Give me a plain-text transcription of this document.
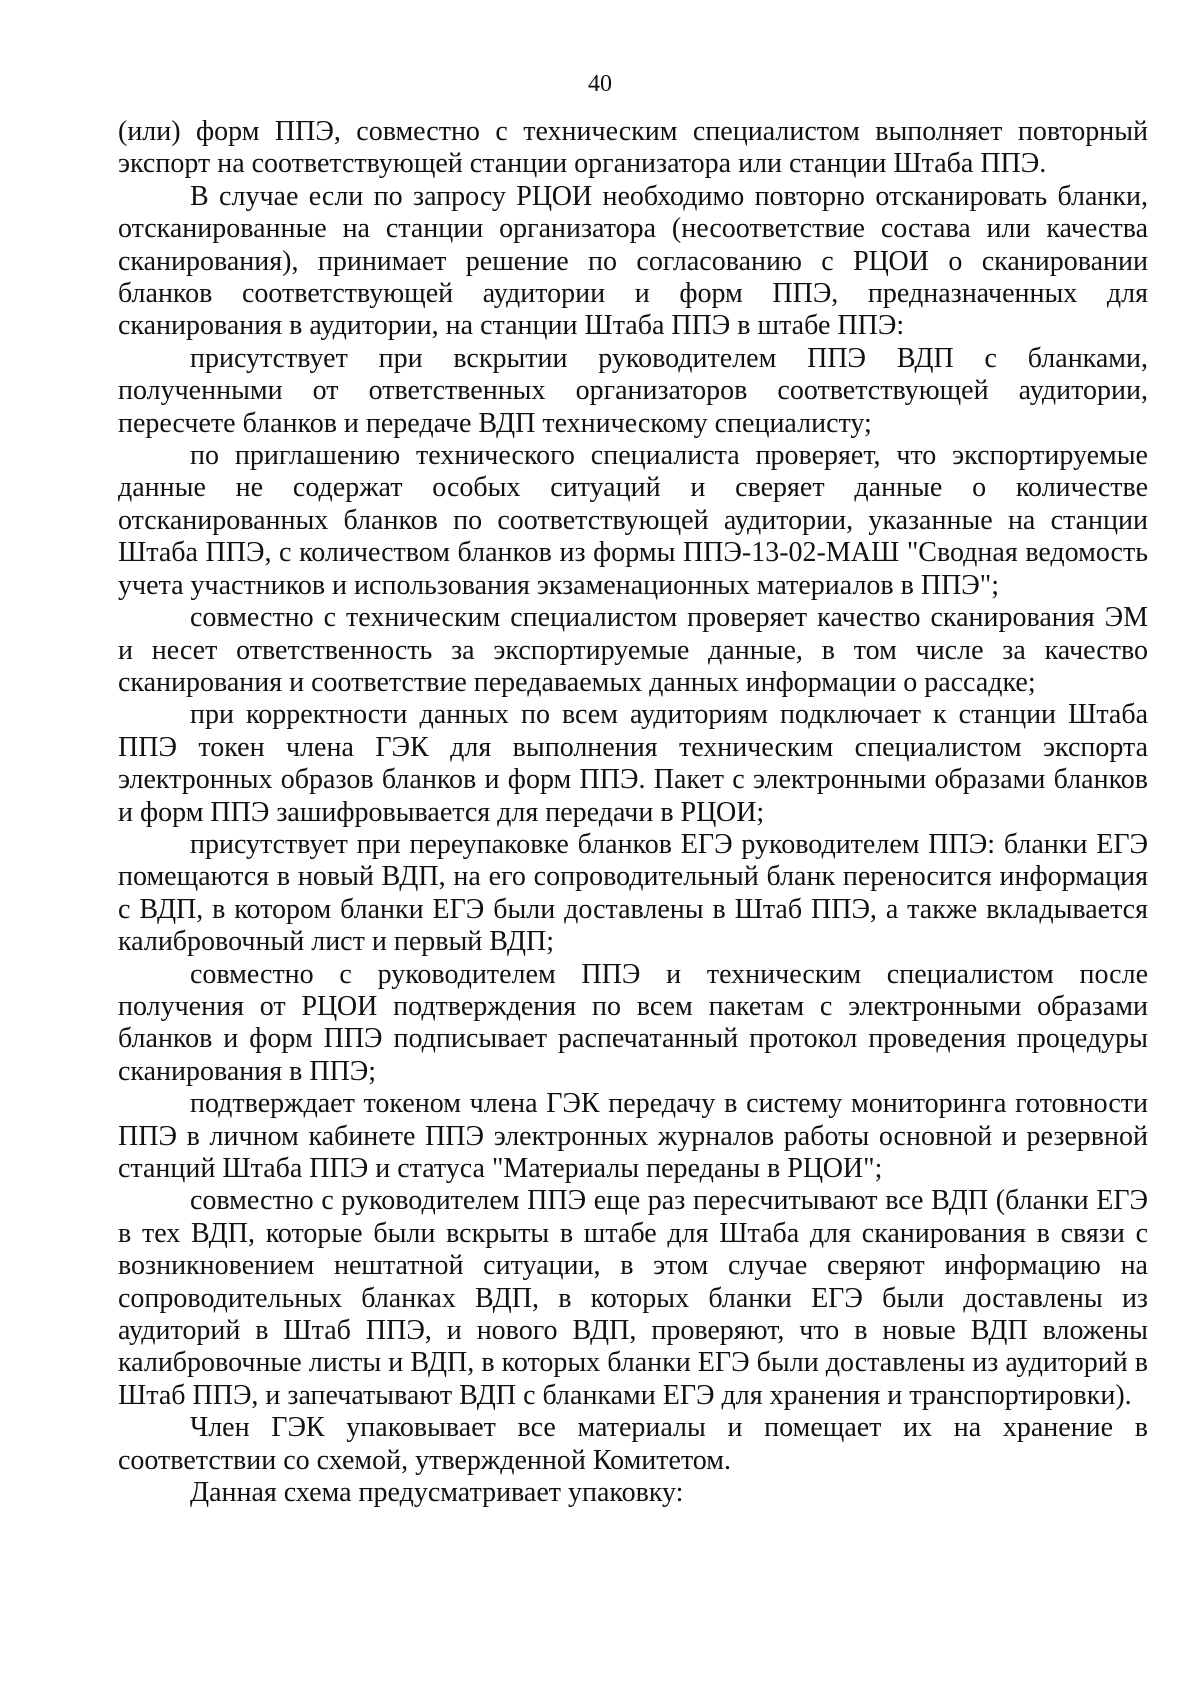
40

(или) форм ППЭ, совместно с техническим специалистом выполняет повторный экспорт на соответствующей станции организатора или станции Штаба ППЭ.

В случае если по запросу РЦОИ необходимо повторно отсканировать бланки, отсканированные на станции организатора (несоответствие состава или качества сканирования), принимает решение по согласованию с РЦОИ о сканировании бланков соответствующей аудитории и форм ППЭ, предназначенных для сканирования в аудитории, на станции Штаба ППЭ в штабе ППЭ:

присутствует при вскрытии руководителем ППЭ ВДП с бланками, полученными от ответственных организаторов соответствующей аудитории, пересчете бланков и передаче ВДП техническому специалисту;

по приглашению технического специалиста проверяет, что экспортируемые данные не содержат особых ситуаций и сверяет данные о количестве отсканированных бланков по соответствующей аудитории, указанные на станции Штаба ППЭ, с количеством бланков из формы ППЭ-13-02-МАШ "Сводная ведомость учета участников и использования экзаменационных материалов в ППЭ";

совместно с техническим специалистом проверяет качество сканирования ЭМ и несет ответственность за экспортируемые данные, в том числе за качество сканирования и соответствие передаваемых данных информации о рассадке;

при корректности данных по всем аудиториям подключает к станции Штаба ППЭ токен члена ГЭК для выполнения техническим специалистом экспорта электронных образов бланков и форм ППЭ. Пакет с электронными образами бланков и форм ППЭ зашифровывается для передачи в РЦОИ;

присутствует при переупаковке бланков ЕГЭ руководителем ППЭ: бланки ЕГЭ помещаются в новый ВДП, на его сопроводительный бланк переносится информация с ВДП, в котором бланки ЕГЭ были доставлены в Штаб ППЭ, а также вкладывается калибровочный лист и первый ВДП;

совместно с руководителем ППЭ и техническим специалистом после получения от РЦОИ подтверждения по всем пакетам с электронными образами бланков и форм ППЭ подписывает распечатанный протокол проведения процедуры сканирования в ППЭ;

подтверждает токеном члена ГЭК передачу в систему мониторинга готовности ППЭ в личном кабинете ППЭ электронных журналов работы основной и резервной станций Штаба ППЭ и статуса "Материалы переданы в РЦОИ";

совместно с руководителем ППЭ еще раз пересчитывают все ВДП (бланки ЕГЭ в тех ВДП, которые были вскрыты в штабе для Штаба для сканирования в связи с возникновением нештатной ситуации, в этом случае сверяют информацию на сопроводительных бланках ВДП, в которых бланки ЕГЭ были доставлены из аудиторий в Штаб ППЭ, и нового ВДП, проверяют, что в новые ВДП вложены калибровочные листы и ВДП, в которых бланки ЕГЭ были доставлены из аудиторий в Штаб ППЭ, и запечатывают ВДП с бланками ЕГЭ для хранения и транспортировки).

Член ГЭК упаковывает все материалы и помещает их на хранение в соответствии со схемой, утвержденной Комитетом.

Данная схема предусматривает упаковку:
